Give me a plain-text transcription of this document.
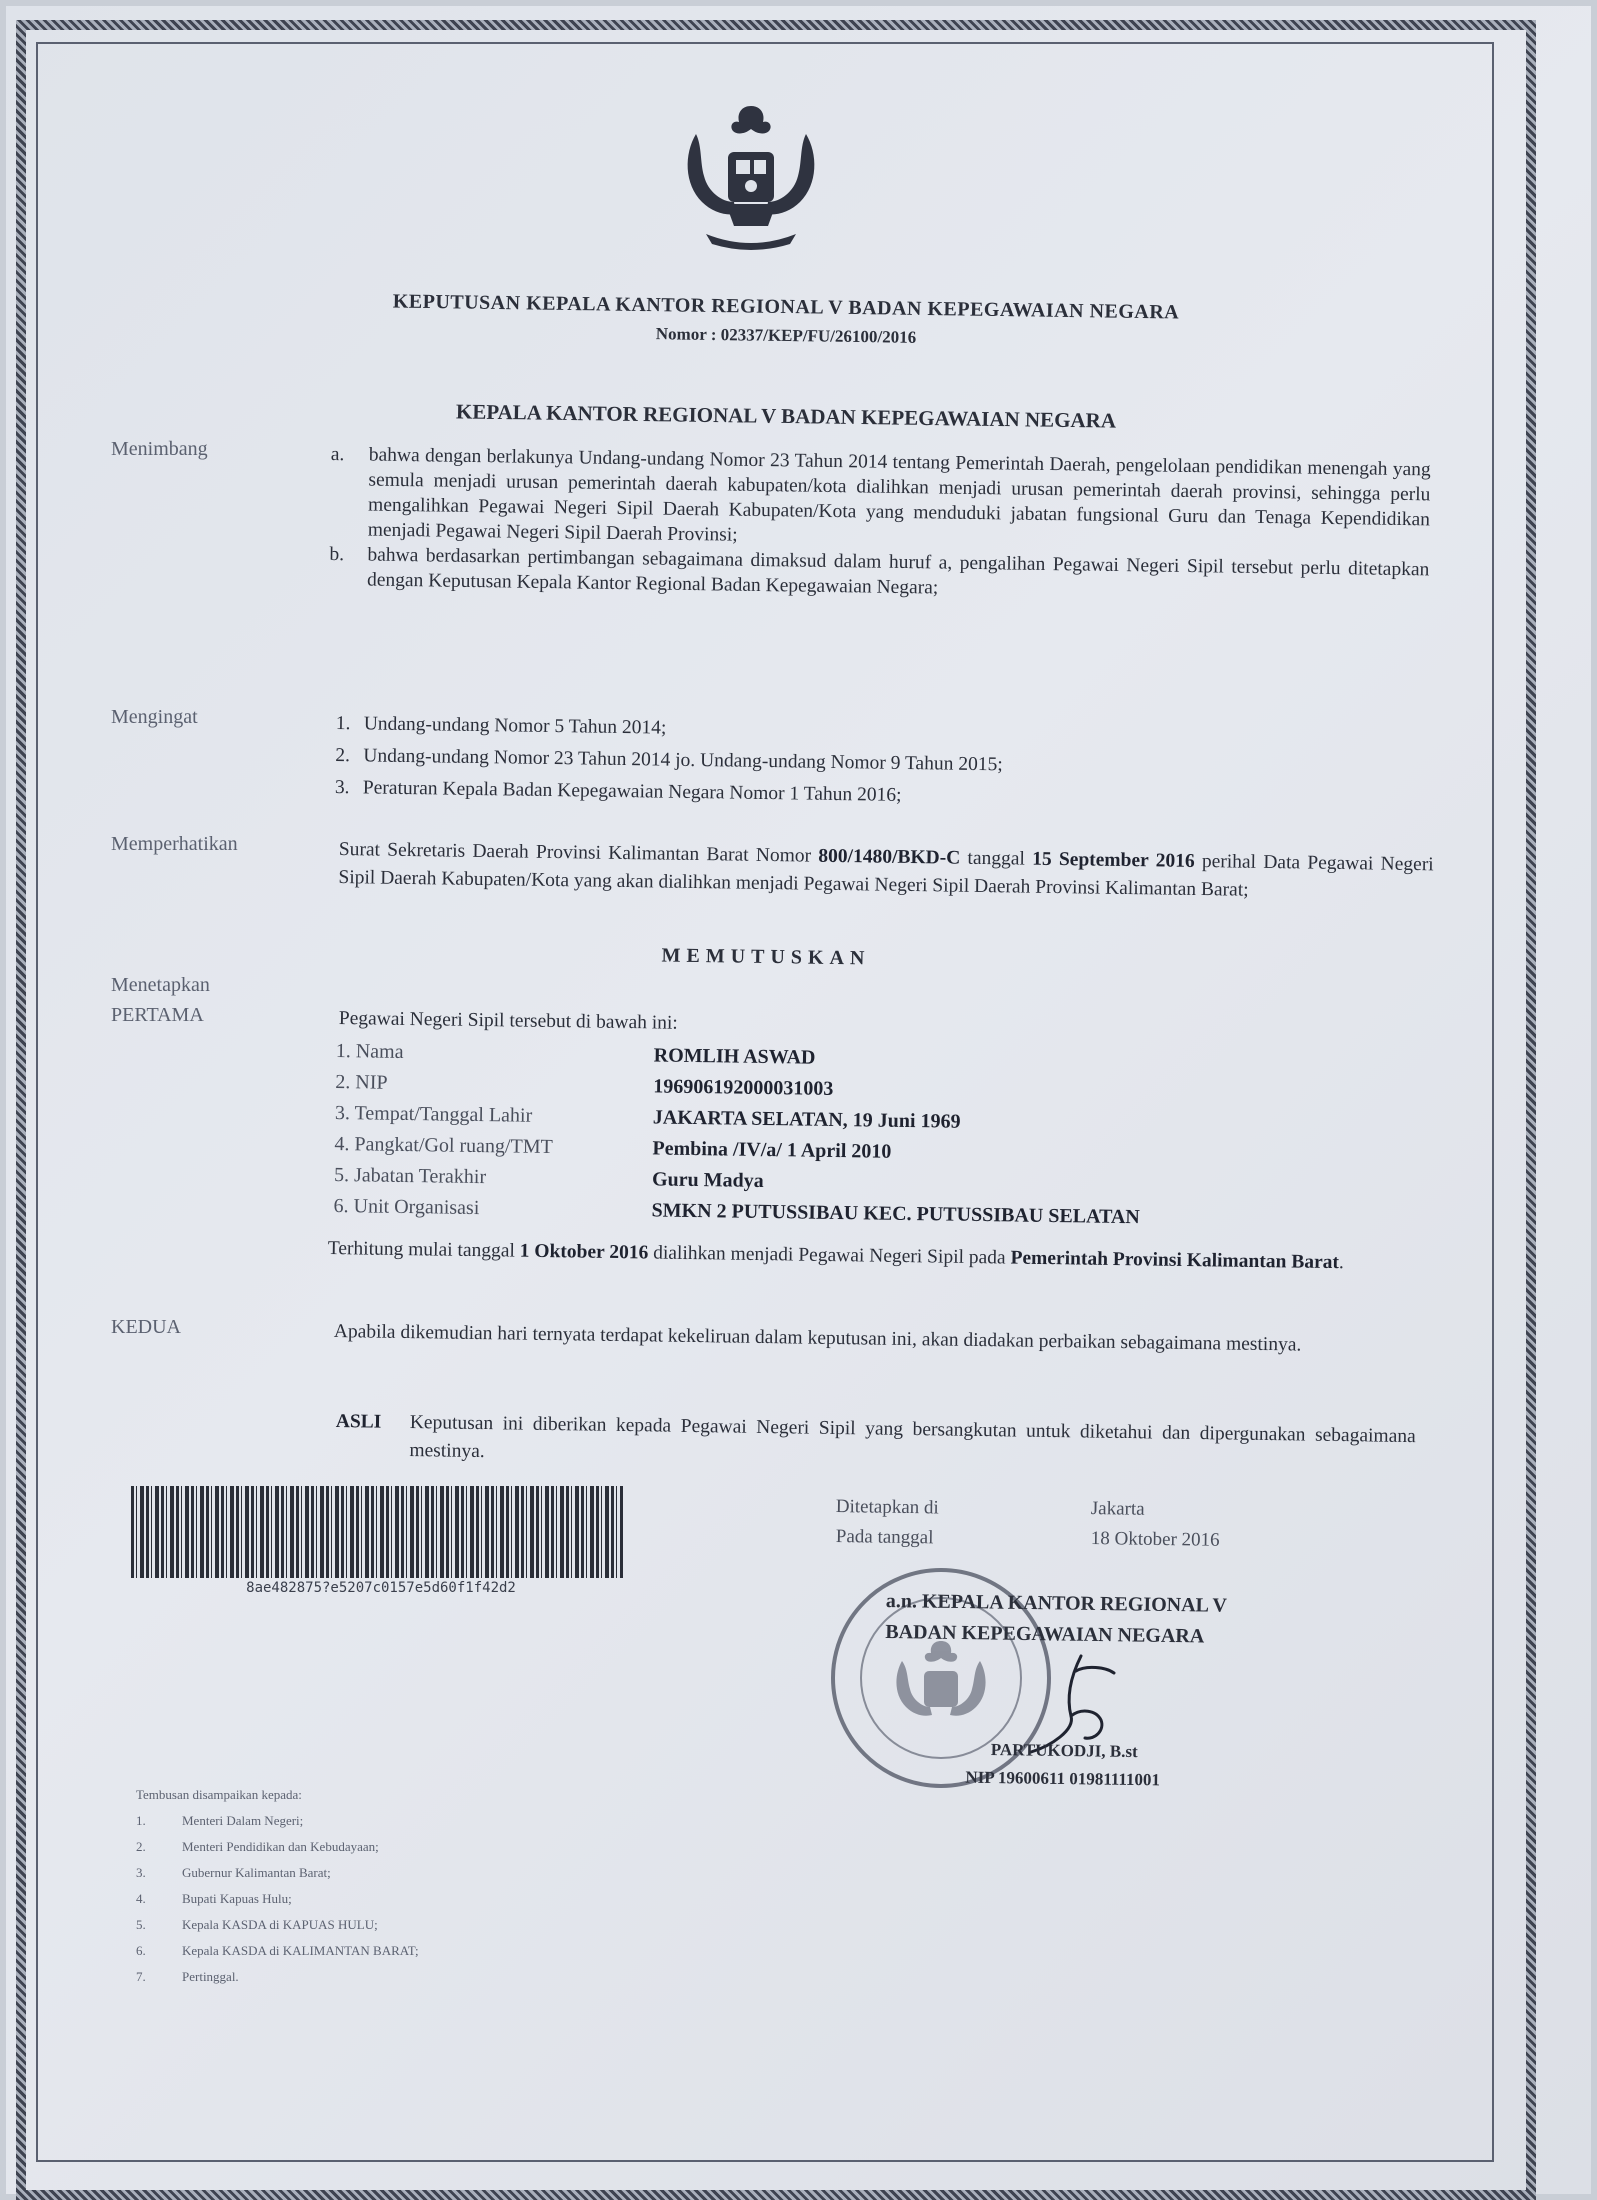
KEPUTUSAN KEPALA KANTOR REGIONAL V BADAN KEPEGAWAIAN NEGARA
Nomor : 02337/KEP/FU/26100/2016
KEPALA KANTOR REGIONAL V BADAN KEPEGAWAIAN NEGARA
Menimbang	a.	bahwa dengan berlakunya Undang-undang Nomor 23 Tahun 2014 tentang Pemerintah Daerah, pengelolaan pendidikan menengah yang semula menjadi urusan pemerintah daerah kabupaten/kota dialihkan menjadi urusan pemerintah daerah provinsi, sehingga perlu mengalihkan Pegawai Negeri Sipil Daerah Kabupaten/Kota yang menduduki jabatan fungsional Guru dan Tenaga Kependidikan menjadi Pegawai Negeri Sipil Daerah Provinsi;
b.	bahwa berdasarkan pertimbangan sebagaimana dimaksud dalam huruf a, pengalihan Pegawai Negeri Sipil tersebut perlu ditetapkan dengan Keputusan Kepala Kantor Regional Badan Kepegawaian Negara;
Mengingat	1. Undang-undang Nomor 5 Tahun 2014;
2. Undang-undang Nomor 23 Tahun 2014 jo. Undang-undang Nomor 9 Tahun 2015;
3. Peraturan Kepala Badan Kepegawaian Negara Nomor 1 Tahun 2016;
Memperhatikan	Surat Sekretaris Daerah Provinsi Kalimantan Barat Nomor 800/1480/BKD-C tanggal 15 September 2016 perihal Data Pegawai Negeri Sipil Daerah Kabupaten/Kota yang akan dialihkan menjadi Pegawai Negeri Sipil Daerah Provinsi Kalimantan Barat;
MEMUTUSKAN
Menetapkan
PERTAMA	Pegawai Negeri Sipil tersebut di bawah ini:
1. Nama	ROMLIH ASWAD
2. NIP	196906192000031003
3. Tempat/Tanggal Lahir	JAKARTA SELATAN, 19 Juni 1969
4. Pangkat/Gol ruang/TMT	Pembina /IV/a/ 1 April 2010
5. Jabatan Terakhir	Guru Madya
6. Unit Organisasi	SMKN 2 PUTUSSIBAU KEC. PUTUSSIBAU SELATAN
Terhitung mulai tanggal 1 Oktober 2016 dialihkan menjadi Pegawai Negeri Sipil pada Pemerintah Provinsi Kalimantan Barat.
KEDUA	Apabila dikemudian hari ternyata terdapat kekeliruan dalam keputusan ini, akan diadakan perbaikan sebagaimana mestinya.
ASLI	Keputusan ini diberikan kepada Pegawai Negeri Sipil yang bersangkutan untuk diketahui dan dipergunakan sebagaimana mestinya.
8ae482875?e5207c0157e5d60f1f42d2
Ditetapkan di	Jakarta
Pada tanggal	18 Oktober 2016
a.n. KEPALA KANTOR REGIONAL V
BADAN KEPEGAWAIAN NEGARA
PARTUKODJI, B.st
NIP 19600611 01981111001
Tembusan disampaikan kepada:
1.	Menteri Dalam Negeri;
2.	Menteri Pendidikan dan Kebudayaan;
3.	Gubernur Kalimantan Barat;
4.	Bupati Kapuas Hulu;
5.	Kepala KASDA di KAPUAS HULU;
6.	Kepala KASDA di KALIMANTAN BARAT;
7.	Pertinggal.
